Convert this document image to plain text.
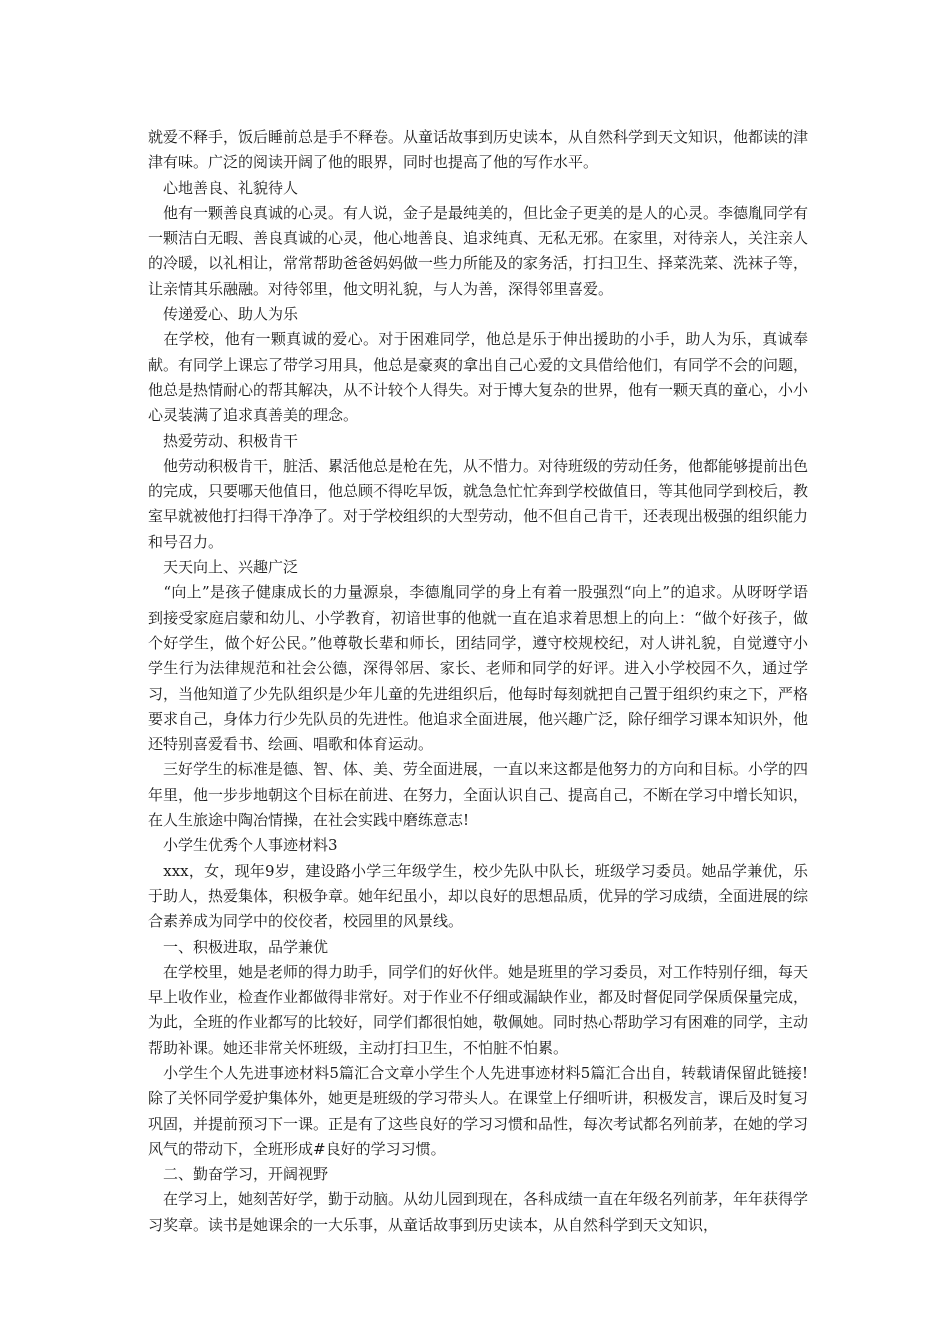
就爱不释手，饭后睡前总是手不释卷。从童话故事到历史读本，从自然科学到天文知识，他都读的津津有味。广泛的阅读开阔了他的眼界，同时也提高了他的写作水平。

　心地善良、礼貌待人

　他有一颗善良真诚的心灵。有人说，金子是最纯美的，但比金子更美的是人的心灵。李德胤同学有一颗洁白无暇、善良真诚的心灵，他心地善良、追求纯真、无私无邪。在家里，对待亲人，关注亲人的冷暖，以礼相让，常常帮助爸爸妈妈做一些力所能及的家务活，打扫卫生、择菜洗菜、洗袜子等，让亲情其乐融融。对待邻里，他文明礼貌，与人为善，深得邻里喜爱。

　传递爱心、助人为乐

　在学校，他有一颗真诚的爱心。对于困难同学，他总是乐于伸出援助的小手，助人为乐，真诚奉献。有同学上课忘了带学习用具，他总是豪爽的拿出自己心爱的文具借给他们，有同学不会的问题，他总是热情耐心的帮其解决，从不计较个人得失。对于博大复杂的世界，他有一颗天真的童心，小小心灵装满了追求真善美的理念。

　热爱劳动、积极肯干

　他劳动积极肯干，脏活、累活他总是枪在先，从不惜力。对待班级的劳动任务，他都能够提前出色的完成，只要哪天他值日，他总顾不得吃早饭，就急急忙忙奔到学校做值日，等其他同学到校后，教室早就被他打扫得干净净了。对于学校组织的大型劳动，他不但自己肯干，还表现出极强的组织能力和号召力。

　天天向上、兴趣广泛

　“向上”是孩子健康成长的力量源泉，李德胤同学的身上有着一股强烈“向上”的追求。从呀呀学语到接受家庭启蒙和幼儿、小学教育，初谙世事的他就一直在追求着思想上的向上：“做个好孩子，做个好学生，做个好公民。”他尊敬长辈和师长，团结同学，遵守校规校纪，对人讲礼貌，自觉遵守小学生行为法律规范和社会公德，深得邻居、家长、老师和同学的好评。进入小学校园不久，通过学习，当他知道了少先队组织是少年儿童的先进组织后，他每时每刻就把自己置于组织约束之下，严格要求自己，身体力行少先队员的先进性。他追求全面进展，他兴趣广泛，除仔细学习课本知识外，他还特别喜爱看书、绘画、唱歌和体育运动。

　三好学生的标准是德、智、体、美、劳全面进展，一直以来这都是他努力的方向和目标。小学的四年里，他一步步地朝这个目标在前进、在努力，全面认识自己、提高自己，不断在学习中增长知识，在人生旅途中陶冶情操，在社会实践中磨练意志!

　小学生优秀个人事迹材料3

　xxx，女，现年9岁，建设路小学三年级学生，校少先队中队长，班级学习委员。她品学兼优，乐于助人，热爱集体，积极争章。她年纪虽小，却以良好的思想品质，优异的学习成绩，全面进展的综合素养成为同学中的佼佼者，校园里的风景线。

　一、积极进取，品学兼优

　在学校里，她是老师的得力助手，同学们的好伙伴。她是班里的学习委员，对工作特别仔细，每天早上收作业，检查作业都做得非常好。对于作业不仔细或漏缺作业，都及时督促同学保质保量完成，为此，全班的作业都写的比较好，同学们都很怕她，敬佩她。同时热心帮助学习有困难的同学，主动帮助补课。她还非常关怀班级，主动打扫卫生，不怕脏不怕累。

　小学生个人先进事迹材料5篇汇合文章小学生个人先进事迹材料5篇汇合出自，转载请保留此链接!除了关怀同学爱护集体外，她更是班级的学习带头人。在课堂上仔细听讲，积极发言，课后及时复习巩固，并提前预习下一课。正是有了这些良好的学习习惯和品性，每次考试都名列前茅，在她的学习风气的带动下，全班形成#良好的学习习惯。

　二、勤奋学习，开阔视野

　在学习上，她刻苦好学，勤于动脑。从幼儿园到现在，各科成绩一直在年级名列前茅，年年获得学习奖章。读书是她课余的一大乐事，从童话故事到历史读本，从自然科学到天文知识，
